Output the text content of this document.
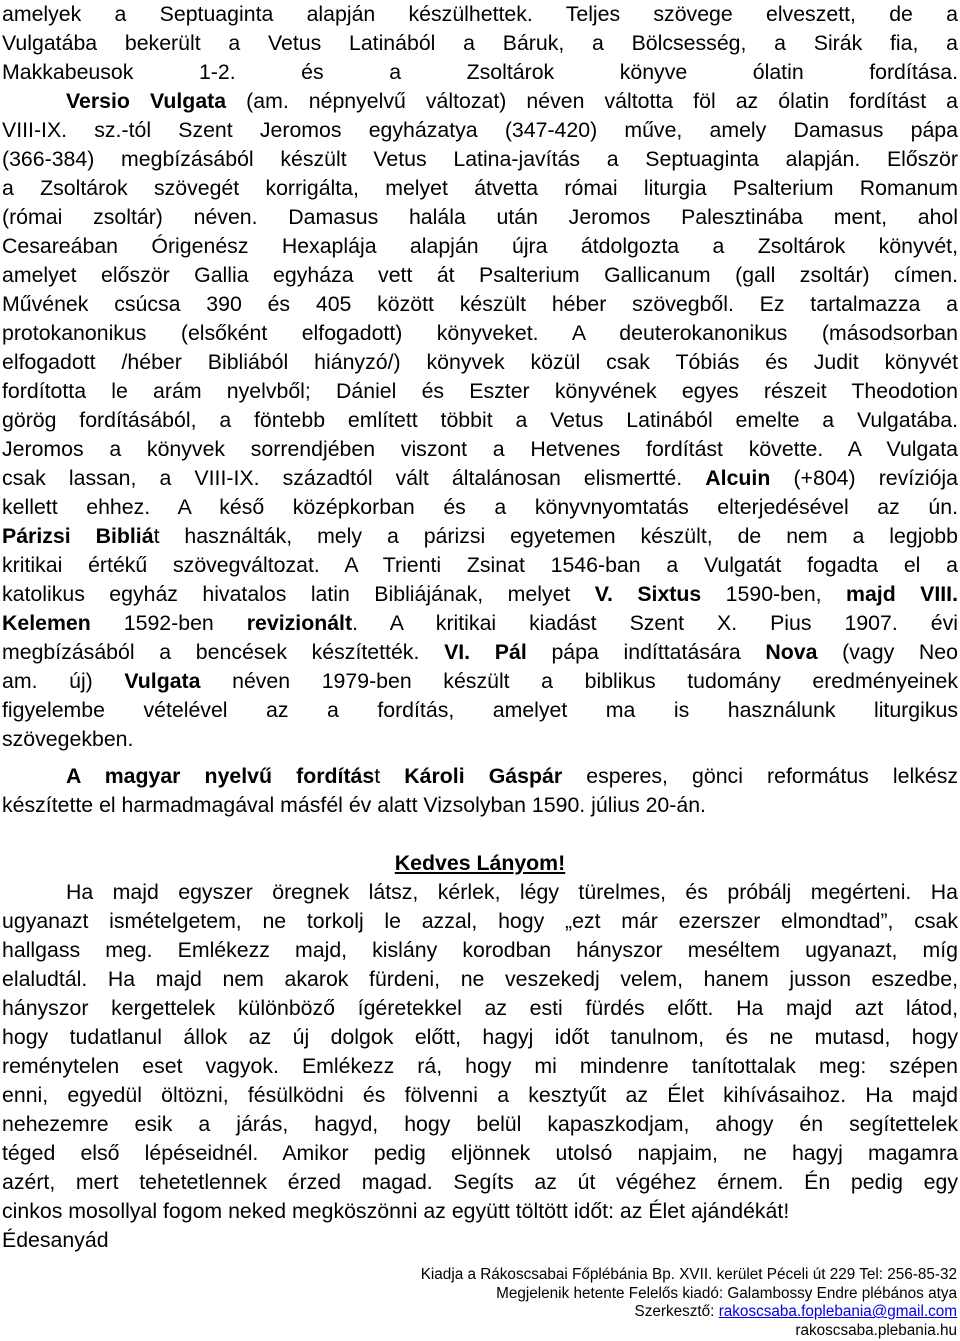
amelyek a Septuaginta alapján készülhettek. Teljes szövege elveszett, de a
Vulgatába bekerült a Vetus Latinából a Báruk, a Bölcsesség, a Sirák fia, a
Makkabeusok 1-2. és a Zsoltárok könyve ólatin fordítása.
Versio Vulgata (am. népnyelvű változat) néven váltotta föl az ólatin fordítást a
VIII-IX. sz.-tól Szent Jeromos egyházatya (347-420) műve, amely Damasus pápa
(366-384) megbízásából készült Vetus Latina-javítás a Septuaginta alapján. Először
a Zsoltárok szövegét korrigálta, melyet átvetta római liturgia Psalterium Romanum
(római zsoltár) néven. Damasus halála után Jeromos Palesztinába ment, ahol
Cesareában Órigenész Hexaplája alapján újra átdolgozta a Zsoltárok könyvét,
amelyet először Gallia egyháza vett át Psalterium Gallicanum (gall zsoltár) címen.
Művének csúcsa 390 és 405 között készült héber szövegből. Ez tartalmazza a
protokanonikus (elsőként elfogadott) könyveket. A deuterokanonikus (másodsorban
elfogadott /héber Bibliából hiányzó/) könyvek közül csak Tóbiás és Judit könyvét
fordította le arám nyelvből; Dániel és Eszter könyvének egyes részeit Theodotion
görög fordításából, a föntebb említett többit a Vetus Latinából emelte a Vulgatába.
Jeromos a könyvek sorrendjében viszont a Hetvenes fordítást követte. A Vulgata
csak lassan, a VIII-IX. századtól vált általánosan elismertté. Alcuin (+804) revíziója
kellett ehhez. A késő középkorban és a könyvnyomtatás elterjedésével az ún.
Párizsi Bibliát használták, mely a párizsi egyetemen készült, de nem a legjobb
kritikai értékű szövegváltozat. A Trienti Zsinat 1546-ban a Vulgatát fogadta el a
katolikus egyház hivatalos latin Bibliájának, melyet V. Sixtus 1590-ben, majd VIII.
Kelemen 1592-ben revizionált. A kritikai kiadást Szent X. Pius 1907. évi
megbízásából a bencések készítették. VI. Pál pápa indíttatására Nova (vagy Neo
am. új) Vulgata néven 1979-ben készült a biblikus tudomány eredményeinek
figyelembe vételével az a fordítás, amelyet ma is használunk liturgikus
szövegekben.
A magyar nyelvű fordítást Károli Gáspár esperes, gönci református lelkész
készítette el harmadmagával másfél év alatt Vizsolyban 1590. július 20-án.
Kedves Lányom!
Ha majd egyszer öregnek látsz, kérlek, légy türelmes, és próbálj megérteni. Ha
ugyanazt ismételgetem, ne torkolj le azzal, hogy „ezt már ezerszer elmondtad”, csak
hallgass meg. Emlékezz majd, kislány korodban hányszor meséltem ugyanazt, míg
elaludtál. Ha majd nem akarok fürdeni, ne veszekedj velem, hanem jusson eszedbe,
hányszor kergettelek különböző ígéretekkel az esti fürdés előtt. Ha majd azt látod,
hogy tudatlanul állok az új dolgok előtt, hagyj időt tanulnom, és ne mutasd, hogy
reménytelen eset vagyok. Emlékezz rá, hogy mi mindenre tanítottalak meg: szépen
enni, egyedül öltözni, fésülködni és fölvenni a kesztyűt az Élet kihívásaihoz. Ha majd
nehezemre esik a járás, hagyd, hogy belül kapaszkodjam, ahogy én segítettelek
téged első lépéseidnél. Amikor pedig eljönnek utolsó napjaim, ne hagyj magamra
azért, mert tehetetlennek érzed magad. Segíts az út végéhez érnem. Én pedig egy
cinkos mosollyal fogom neked megköszönni az együtt töltött időt: az Élet ajándékát!
Édesanyád
Kiadja a Rákoscsabai Főplébánia Bp. XVII. kerület Péceli út 229 Tel: 256-85-32
Megjelenik hetente Felelős kiadó: Galambossy Endre plébános atya
Szerkesztő: rakoscsaba.foplebania@gmail.com
rakoscsaba.plebania.hu
